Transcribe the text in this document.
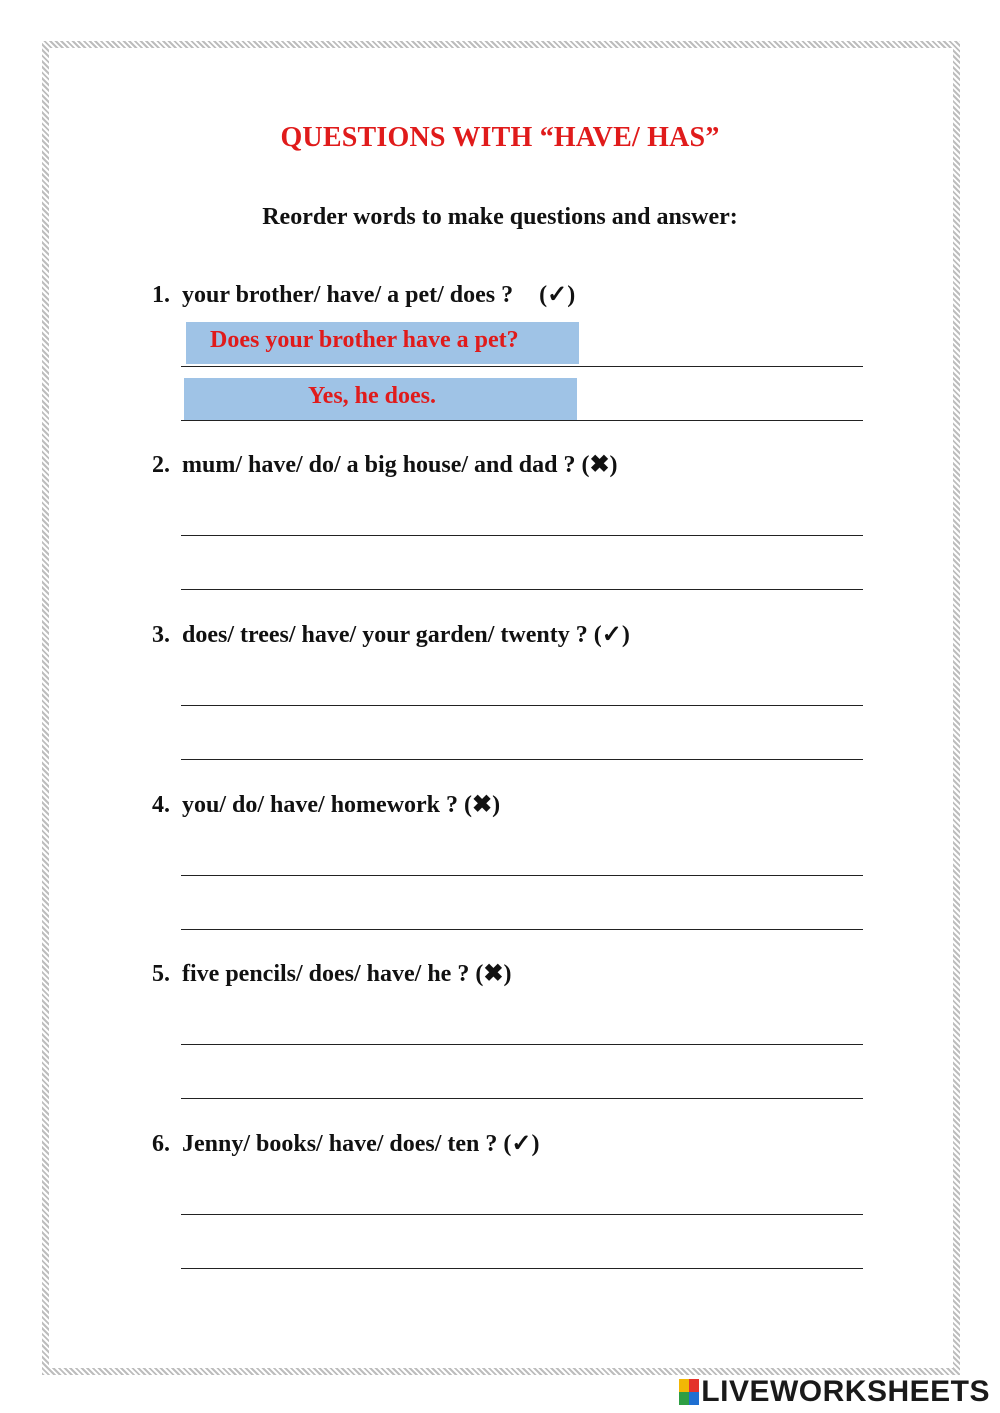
QUESTIONS WITH “HAVE/ HAS”

Reorder words to make questions and answer:

1. your brother/ have/ a pet/ does ? (✓)
Does your brother have a pet?
Yes, he does.
2. mum/ have/ do/ a big house/ and dad ? (✖)
3. does/ trees/ have/ your garden/ twenty ? (✓)
4. you/ do/ have/ homework ? (✖)
5. five pencils/ does/ have/ he ? (✖)
6. Jenny/ books/ have/ does/ ten ? (✓)
LIVEWORKSHEETS
